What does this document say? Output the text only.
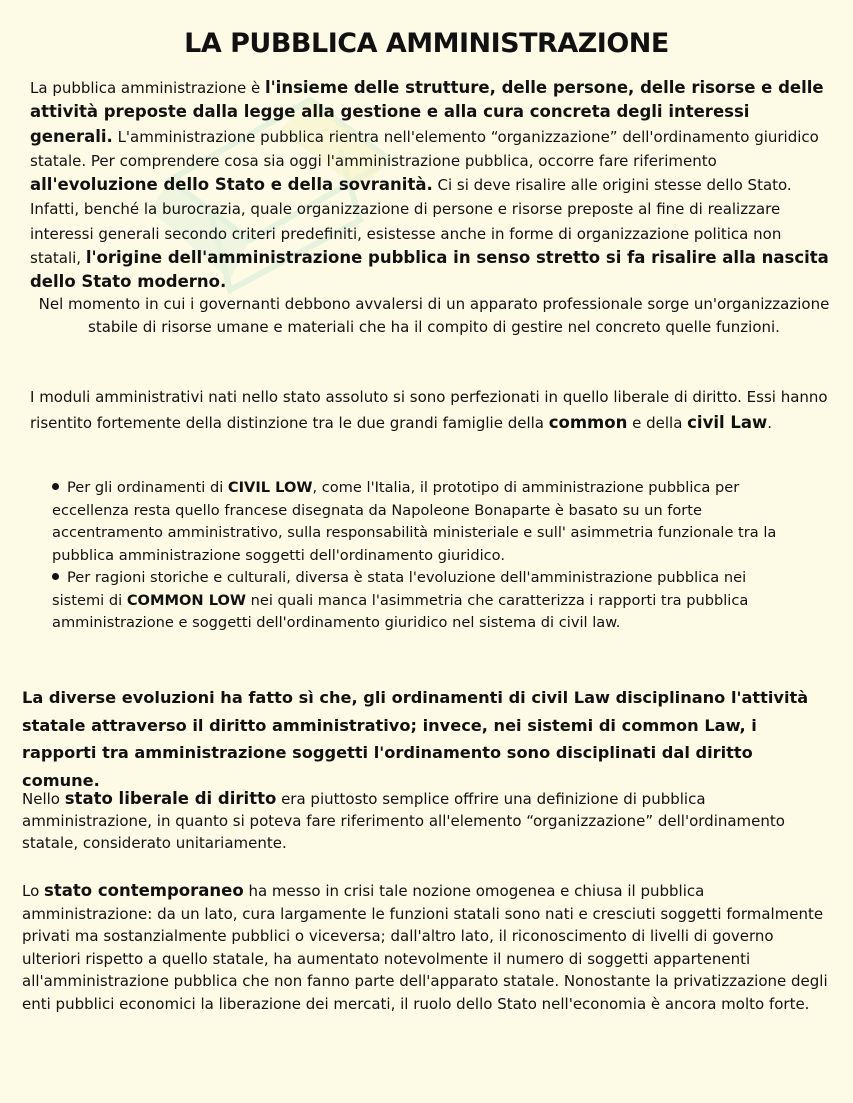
LA PUBBLICA AMMINISTRAZIONE

La pubblica amministrazione è l'insieme delle strutture, delle persone, delle risorse e delle attività preposte dalla legge alla gestione e alla cura concreta degli interessi generali. L'amministrazione pubblica rientra nell'elemento “organizzazione” dell'ordinamento giuridico statale. Per comprendere cosa sia oggi l'amministrazione pubblica, occorre fare riferimento all'evoluzione dello Stato e della sovranità. Ci si deve risalire alle origini stesse dello Stato. Infatti, benché la burocrazia, quale organizzazione di persone e risorse preposte al fine di realizzare interessi generali secondo criteri predefiniti, esistesse anche in forme di organizzazione politica non statali, l'origine dell'amministrazione pubblica in senso stretto si fa risalire alla nascita dello Stato moderno.

Nel momento in cui i governanti debbono avvalersi di un apparato professionale sorge un'organizzazione stabile di risorse umane e materiali che ha il compito di gestire nel concreto quelle funzioni.

I moduli amministrativi nati nello stato assoluto si sono perfezionati in quello liberale di diritto. Essi hanno risentito fortemente della distinzione tra le due grandi famiglie della common e della civil Law.

Per gli ordinamenti di CIVIL LOW, come l'Italia, il prototipo di amministrazione pubblica per eccellenza resta quello francese disegnata da Napoleone Bonaparte è basato su un forte accentramento amministrativo, sulla responsabilità ministeriale e sull' asimmetria funzionale tra la pubblica amministrazione soggetti dell'ordinamento giuridico.
Per ragioni storiche e culturali, diversa è stata l'evoluzione dell'amministrazione pubblica nei sistemi di COMMON LOW nei quali manca l'asimmetria che caratterizza i rapporti tra pubblica amministrazione e soggetti dell'ordinamento giuridico nel sistema di civil law.

La diverse evoluzioni ha fatto sì che, gli ordinamenti di civil Law disciplinano l'attività statale attraverso il diritto amministrativo; invece, nei sistemi di common Law, i rapporti tra amministrazione soggetti l'ordinamento sono disciplinati dal diritto comune.

Nello stato liberale di diritto era piuttosto semplice offrire una definizione di pubblica amministrazione, in quanto si poteva fare riferimento all'elemento “organizzazione” dell'ordinamento statale, considerato unitariamente.

Lo stato contemporaneo ha messo in crisi tale nozione omogenea e chiusa il pubblica amministrazione: da un lato, cura largamente le funzioni statali sono nati e cresciuti soggetti formalmente privati ma sostanzialmente pubblici o viceversa; dall'altro lato, il riconoscimento di livelli di governo ulteriori rispetto a quello statale, ha aumentato notevolmente il numero di soggetti appartenenti all'amministrazione pubblica che non fanno parte dell'apparato statale. Nonostante la privatizzazione degli enti pubblici economici la liberazione dei mercati, il ruolo dello Stato nell'economia è ancora molto forte.
